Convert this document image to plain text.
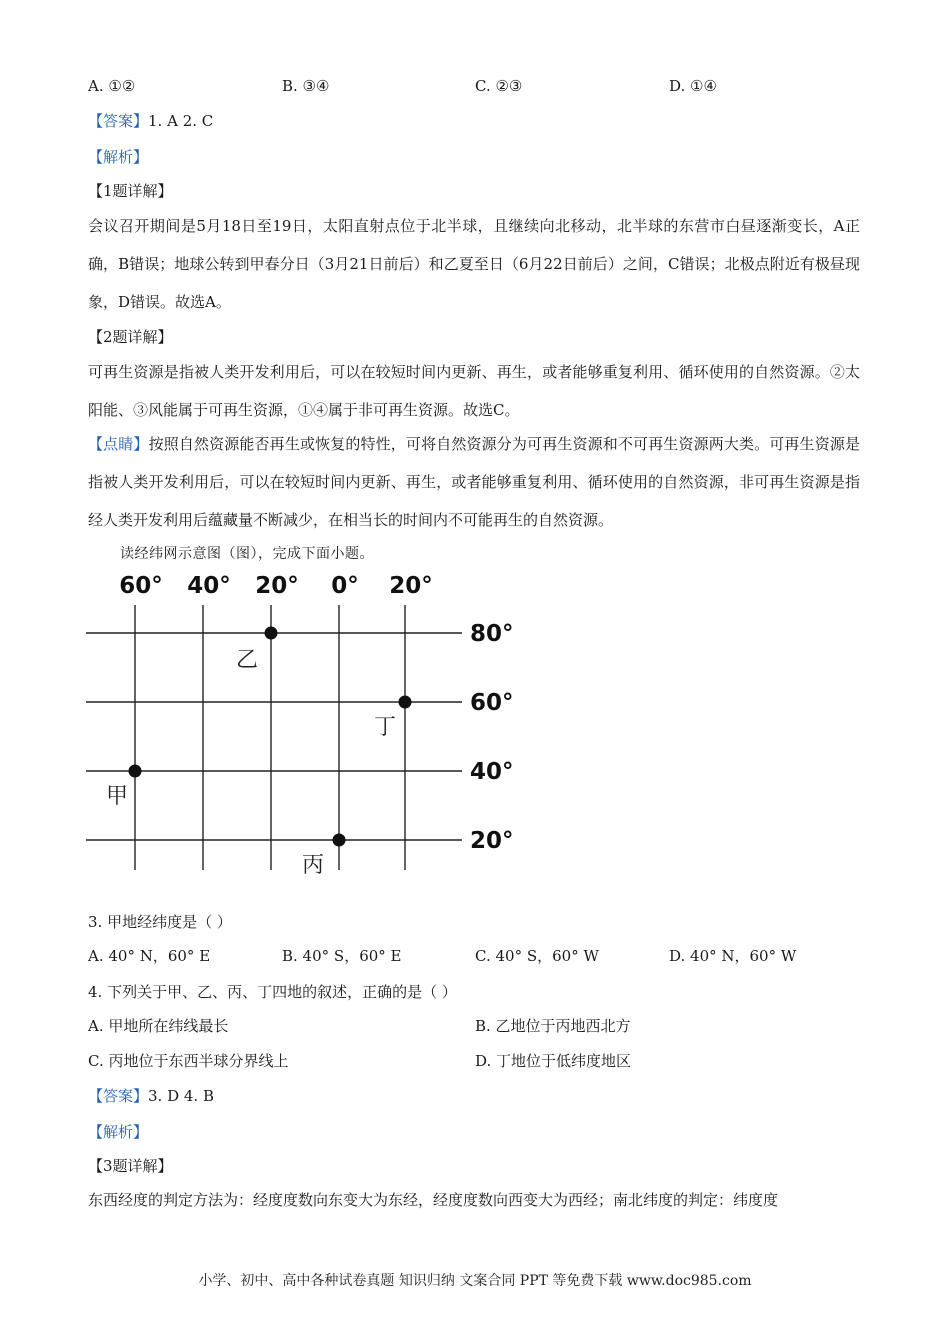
A. ①②	B. ③④	C. ②③	D. ①④
【答案】1. A 2. C
【解析】
【1题详解】
会议召开期间是5月18日至19日，太阳直射点位于北半球，且继续向北移动，北半球的东营市白昼逐渐变长，A正确，B错误；地球公转到甲春分日（3月21日前后）和乙夏至日（6月22日前后）之间，C错误；北极点附近有极昼现象，D错误。故选A。
【2题详解】
可再生资源是指被人类开发利用后，可以在较短时间内更新、再生，或者能够重复利用、循环使用的自然资源。②太阳能、③风能属于可再生资源，①④属于非可再生资源。故选C。
【点睛】按照自然资源能否再生或恢复的特性，可将自然资源分为可再生资源和不可再生资源两大类。可再生资源是指被人类开发利用后，可以在较短时间内更新、再生，或者能够重复利用、循环使用的自然资源，非可再生资源是指经人类开发利用后蕴藏量不断减少，在相当长的时间内不可能再生的自然资源。
读经纬网示意图（图），完成下面小题。
60° 40° 20° 0° 20°
80°
60°
40°
20°
甲
乙
丙
丁
3. 甲地经纬度是（ ）
A. 40° N，60° E	B. 40° S，60° E	C. 40° S，60° W	D. 40° N，60° W
4. 下列关于甲、乙、丙、丁四地的叙述，正确的是（ ）
A. 甲地所在纬线最长	B. 乙地位于丙地西北方
C. 丙地位于东西半球分界线上	D. 丁地位于低纬度地区
【答案】3. D 4. B
【解析】
【3题详解】
东西经度的判定方法为：经度度数向东变大为东经，经度度数向西变大为西经；南北纬度的判定：纬度度
小学、初中、高中各种试卷真题 知识归纳 文案合同 PPT 等免费下载 www.doc985.com
